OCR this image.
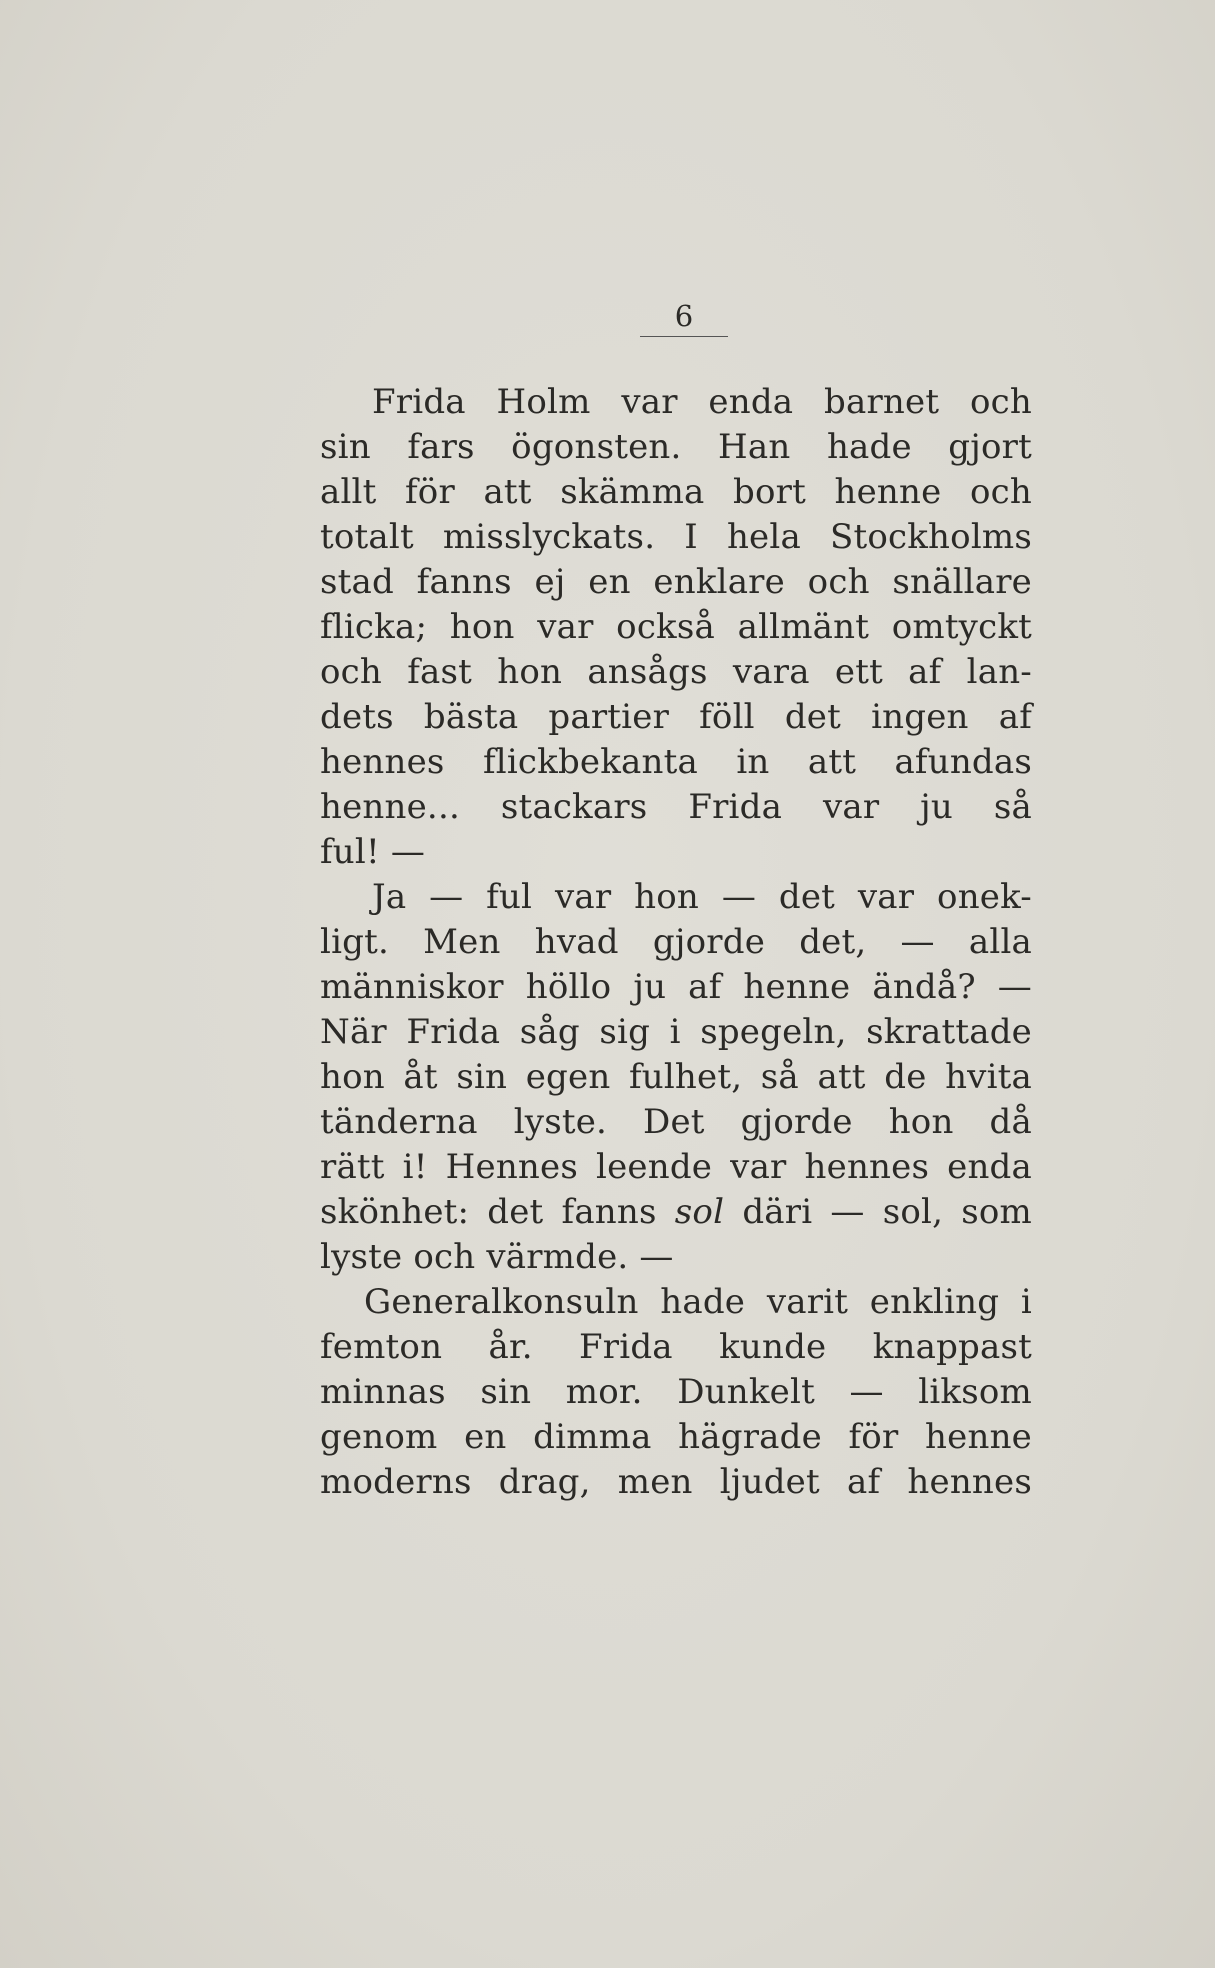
6
Frida Holm var enda barnet och
sin fars ögonsten. Han hade gjort
allt för att skämma bort henne och
totalt misslyckats. I hela Stockholms
stad fanns ej en enklare och snällare
flicka; hon var också allmänt omtyckt
och fast hon ansågs vara ett af lan-
dets bästa partier föll det ingen af
hennes flickbekanta in att afundas
henne... stackars Frida var ju så
ful! —
Ja — ful var hon — det var onek-
ligt. Men hvad gjorde det, — alla
människor höllo ju af henne ändå? —
När Frida såg sig i spegeln, skrattade
hon åt sin egen fulhet, så att de hvita
tänderna lyste. Det gjorde hon då
rätt i! Hennes leende var hennes enda
skönhet: det fanns sol däri — sol, som
lyste och värmde. —
Generalkonsuln hade varit enkling i
femton år. Frida kunde knappast
minnas sin mor. Dunkelt — liksom
genom en dimma hägrade för henne
moderns drag, men ljudet af hennes
